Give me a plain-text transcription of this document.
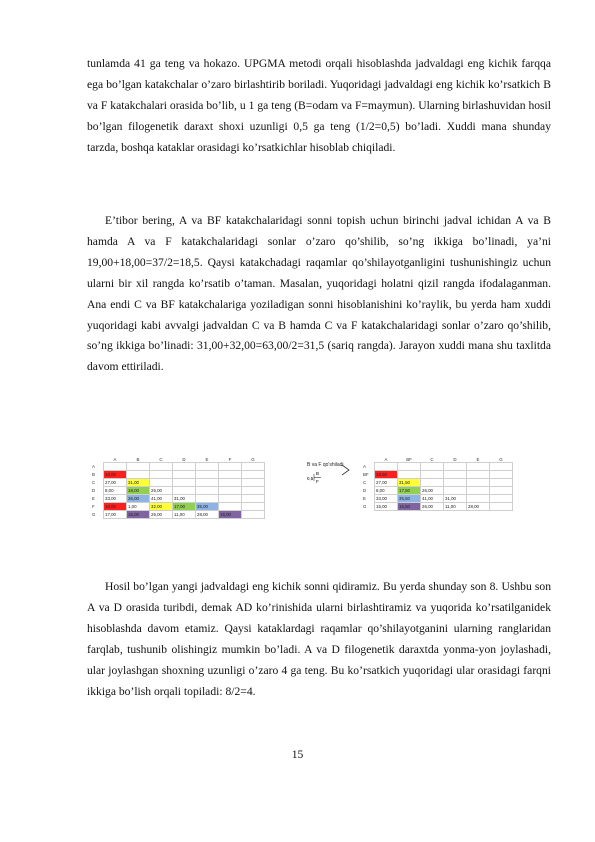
tunlamda 41 ga teng va hokazo. UPGMA metodi orqali hisoblashda jadvaldagi eng kichik farqqa ega bo’lgan katakchalar o’zaro birlashtirib boriladi. Yuqoridagi jadvaldagi eng kichik ko’rsatkich B va F katakchalari orasida bo’lib, u 1 ga teng (B=odam va F=maymun). Ularning birlashuvidan hosil bo’lgan filogenetik daraxt shoxi uzunligi 0,5 ga teng (1/2=0,5) bo’ladi. Xuddi mana shunday tarzda, boshqa kataklar orasidagi ko’rsatkichlar hisoblab chiqiladi.

E’tibor bering, A va BF katakchalaridagi sonni topish uchun birinchi jadval ichidan A va B hamda A va F katakchalaridagi sonlar o’zaro qo’shilib, so’ng ikkiga bo’linadi, ya’ni 19,00+18,00=37/2=18,5. Qaysi katakchadagi raqamlar qo’shilayotganligini tushunishingiz uchun ularni bir xil rangda ko’rsatib o’taman. Masalan, yuqoridagi holatni qizil rangda ifodalaganman. Ana endi C va BF katakchalariga yoziladigan sonni hisoblanishini ko’raylik, bu yerda ham xuddi yuqoridagi kabi avvalgi jadvaldan C va B hamda C va F katakchalaridagi sonlar o’zaro qo’shilib, so’ng ikkiga bo’linadi: 31,00+32,00=63,00/2=31,5 (sariq rangda). Jarayon xuddi mana shu taxlitda davom ettiriladi.

	A	B	C	D	E	F	G
A							
B	19,00						
C	27,00	31,00					
D	8,00	18,00	26,00				
E	33,00	36,00	41,00	31,00			
F	18,00	1,00	32,00	17,00	35,00		
G	17,00	16,00	26,00	11,00	28,00	15,00	
B va F qo'shiladi
B
F
0,5
	A	BF	C	D	E	G
A						
BF	18,50					
C	27,00	31,50				
D	8,00	17,50	26,00			
E	33,00	35,50	41,00	31,00		
G	15,00	15,50	26,00	11,00	28,00	

Hosil bo’lgan yangi jadvaldagi eng kichik sonni qidiramiz. Bu yerda shunday son 8. Ushbu son A va D orasida turibdi, demak AD ko’rinishida ularni birlashtiramiz va yuqorida ko’rsatilganidek hisoblashda davom etamiz. Qaysi kataklardagi raqamlar qo’shilayotganini ularning ranglaridan farqlab, tushunib olishingiz mumkin bo’ladi. A va D filogenetik daraxtda yonma-yon joylashadi, ular joylashgan shoxning uzunligi o’zaro 4 ga teng. Bu ko’rsatkich yuqoridagi ular orasidagi farqni ikkiga bo’lish orqali topiladi: 8/2=4.

15
